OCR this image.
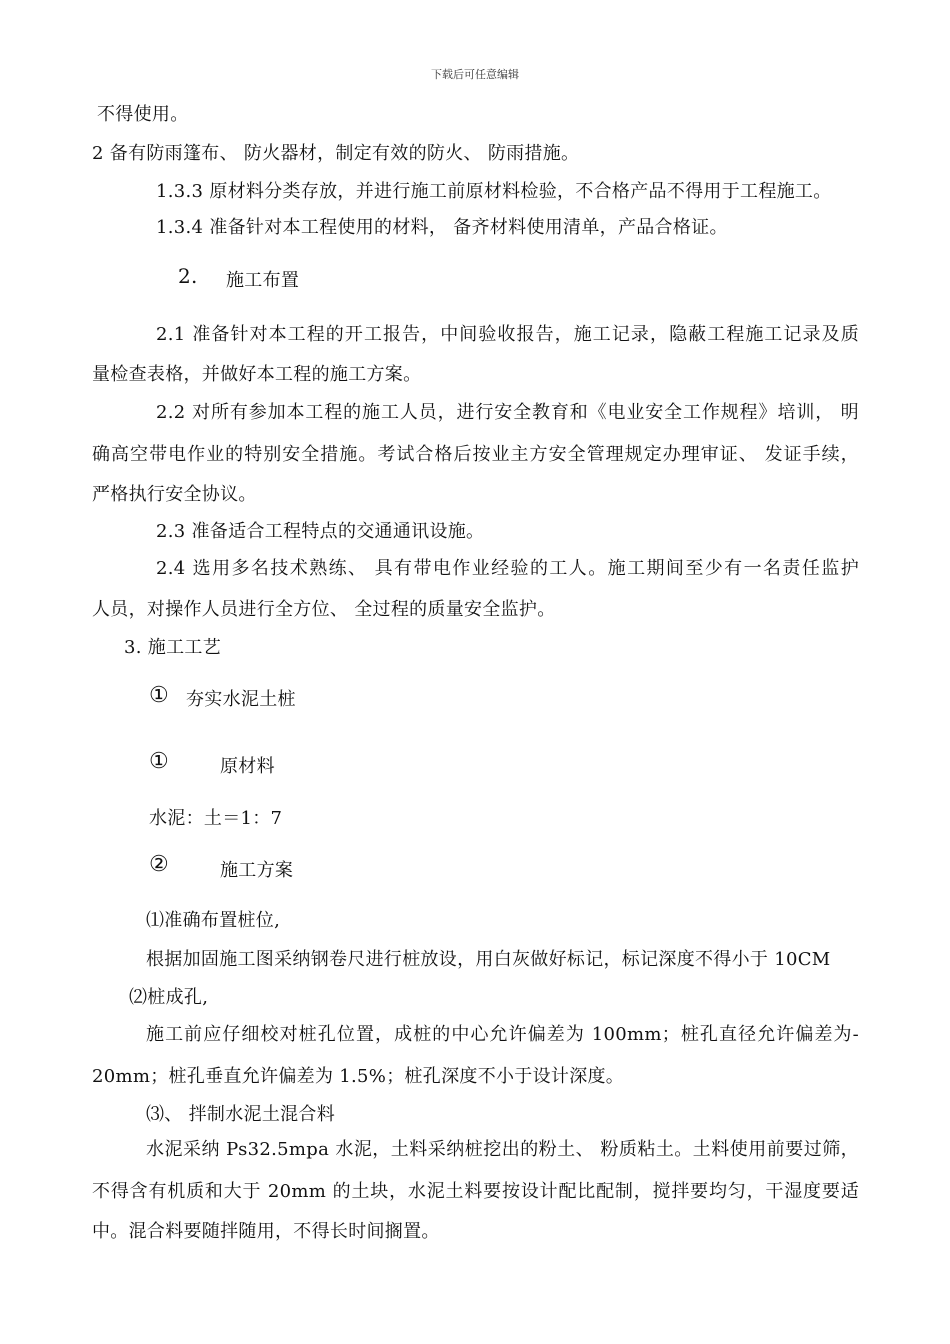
下载后可任意编辑
不得使用。
2 备有防雨篷布、 防火器材，制定有效的防火、 防雨措施。
1.3.3 原材料分类存放，并进行施工前原材料检验，不合格产品不得用于工程施工。
1.3.4 准备针对本工程使用的材料， 备齐材料使用清单，产品合格证。
2. 施工布置
2.1 准备针对本工程的开工报告，中间验收报告，施工记录，隐蔽工程施工记录及质
量检查表格，并做好本工程的施工方案。
2.2 对所有参加本工程的施工人员，进行安全教育和《电业安全工作规程》培训， 明
确高空带电作业的特别安全措施。考试合格后按业主方安全管理规定办理审证、 发证手续，
严格执行安全协议。
2.3 准备适合工程特点的交通通讯设施。
2.4 选用多名技术熟练、 具有带电作业经验的工人。施工期间至少有一名责任监护
人员，对操作人员进行全方位、 全过程的质量安全监护。
3. 施工工艺
① 夯实水泥土桩
①	原材料
水泥：土＝1：7
②	施工方案
⑴准确布置桩位,
根据加固施工图采纳钢卷尺进行桩放设，用白灰做好标记，标记深度不得小于 10CM
⑵桩成孔,
施工前应仔细校对桩孔位置，成桩的中心允许偏差为 100mm；桩孔直径允许偏差为-
20mm；桩孔垂直允许偏差为 1.5%；桩孔深度不小于设计深度。
⑶、 拌制水泥土混合料
水泥采纳 Ps32.5mpa 水泥，土料采纳桩挖出的粉土、 粉质粘土。土料使用前要过筛，
不得含有机质和大于 20mm 的土块，水泥土料要按设计配比配制，搅拌要均匀，干湿度要适
中。混合料要随拌随用，不得长时间搁置。
